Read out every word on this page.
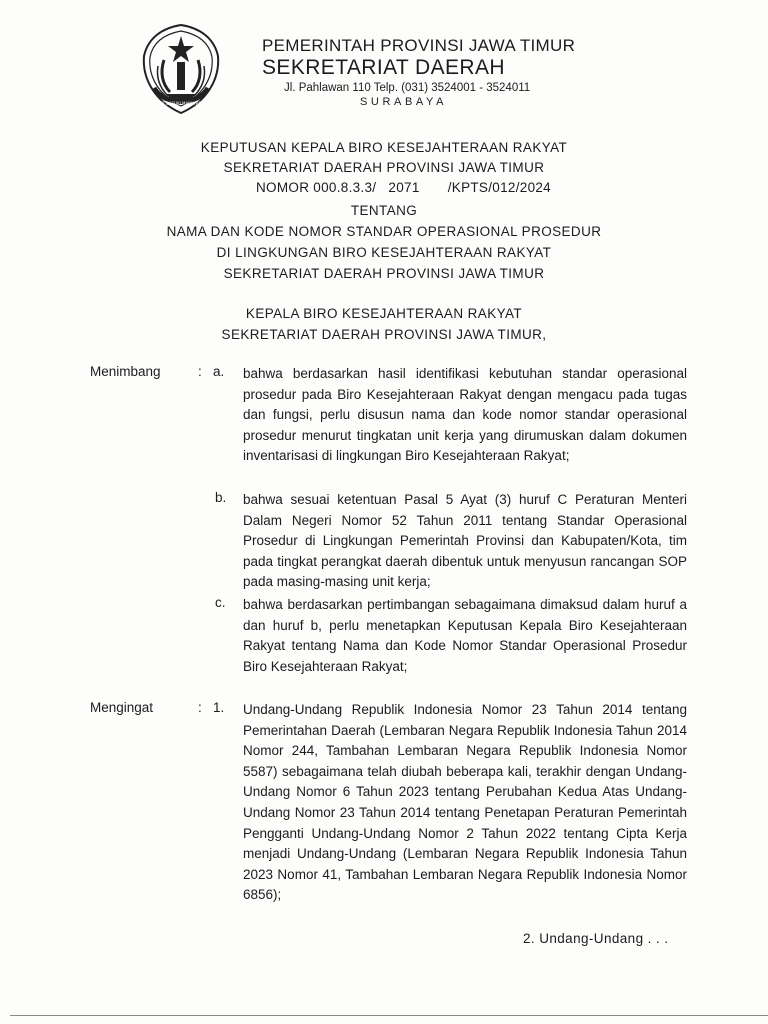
JER BASUKI MAWA BEA

PEMERINTAH PROVINSI JAWA TIMUR

SEKRETARIAT DAERAH

Jl. Pahlawan 110 Telp. (031) 3524001 - 3524011
SURABAYA
KEPUTUSAN KEPALA BIRO KESEJAHTERAAN RAKYAT
SEKRETARIAT DAERAH PROVINSI JAWA TIMUR
NOMOR 000.8.3.3/ 2071 /KPTS/012/2024
TENTANG
NAMA DAN KODE NOMOR STANDAR OPERASIONAL PROSEDUR
DI LINGKUNGAN BIRO KESEJAHTERAAN RAKYAT
SEKRETARIAT DAERAH PROVINSI JAWA TIMUR
KEPALA BIRO KESEJAHTERAAN RAKYAT
SEKRETARIAT DAERAH PROVINSI JAWA TIMUR,
Menimbang	: a. bahwa berdasarkan hasil identifikasi kebutuhan standar operasional prosedur pada Biro Kesejahteraan Rakyat dengan mengacu pada tugas dan fungsi, perlu disusun nama dan kode nomor standar operasional prosedur menurut tingkatan unit kerja yang dirumuskan dalam dokumen inventarisasi di lingkungan Biro Kesejahteraan Rakyat;

b. bahwa sesuai ketentuan Pasal 5 Ayat (3) huruf C Peraturan Menteri Dalam Negeri Nomor 52 Tahun 2011 tentang Standar Operasional Prosedur di Lingkungan Pemerintah Provinsi dan Kabupaten/Kota, tim pada tingkat perangkat daerah dibentuk untuk menyusun rancangan SOP pada masing-masing unit kerja;

c. bahwa berdasarkan pertimbangan sebagaimana dimaksud dalam huruf a dan huruf b, perlu menetapkan Keputusan Kepala Biro Kesejahteraan Rakyat tentang Nama dan Kode Nomor Standar Operasional Prosedur Biro Kesejahteraan Rakyat;

Mengingat	: 1. Undang-Undang Republik Indonesia Nomor 23 Tahun 2014 tentang Pemerintahan Daerah (Lembaran Negara Republik Indonesia Tahun 2014 Nomor 244, Tambahan Lembaran Negara Republik Indonesia Nomor 5587) sebagaimana telah diubah beberapa kali, terakhir dengan Undang-Undang Nomor 6 Tahun 2023 tentang Perubahan Kedua Atas Undang-Undang Nomor 23 Tahun 2014 tentang Penetapan Peraturan Pemerintah Pengganti Undang-Undang Nomor 2 Tahun 2022 tentang Cipta Kerja menjadi Undang-Undang (Lembaran Negara Republik Indonesia Tahun 2023 Nomor 41, Tambahan Lembaran Negara Republik Indonesia Nomor 6856);

2. Undang-Undang . . .
